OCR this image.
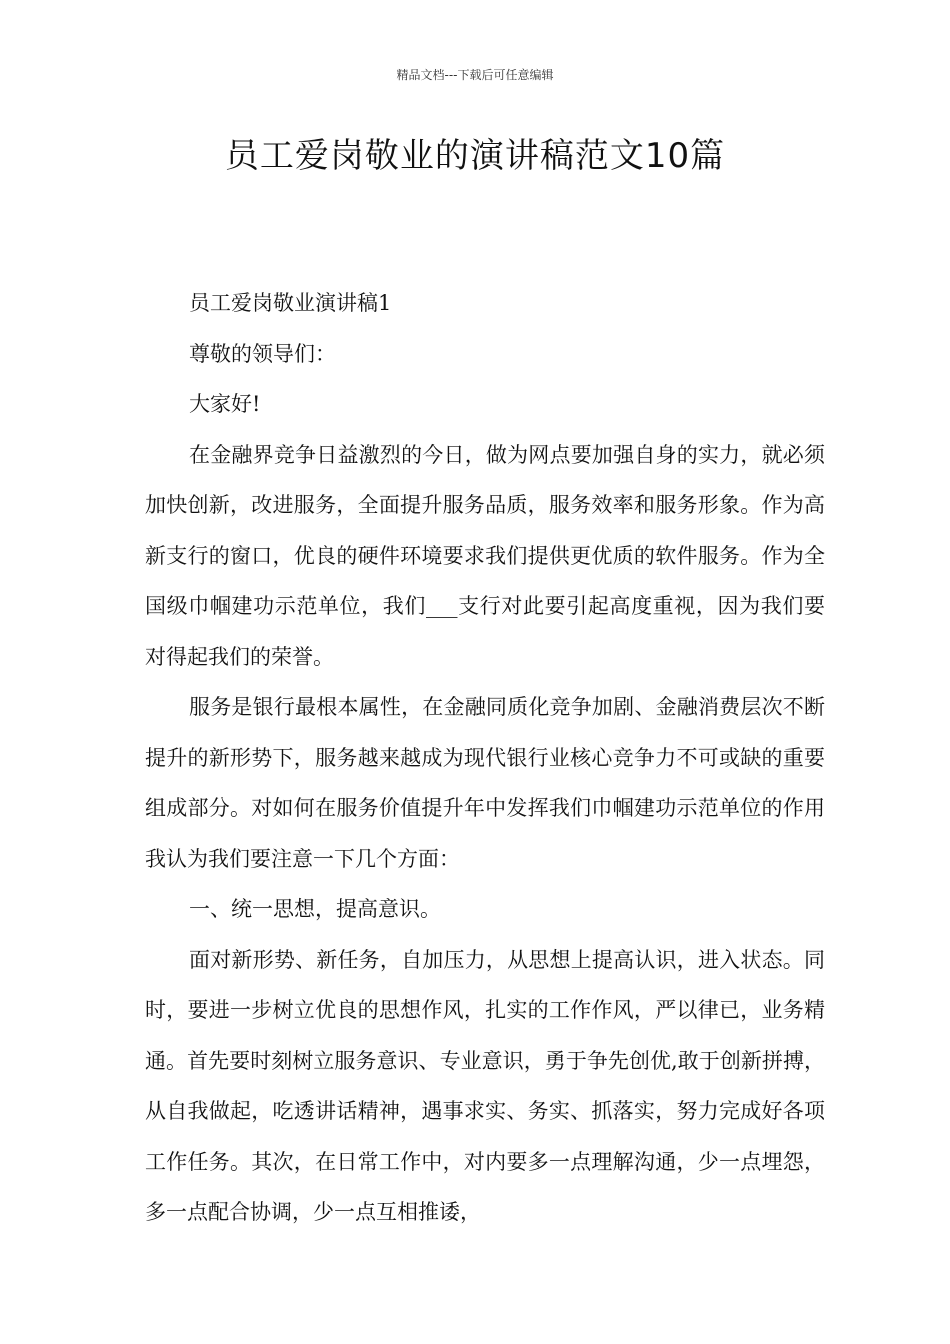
精品文档---下载后可任意编辑
员工爱岗敬业的演讲稿范文10篇

员工爱岗敬业演讲稿1

尊敬的领导们：

大家好!

在金融界竞争日益激烈的今日，做为网点要加强自身的实力，就必须加快创新，改进服务，全面提升服务品质，服务效率和服务形象。作为高新支行的窗口，优良的硬件环境要求我们提供更优质的软件服务。作为全国级巾帼建功示范单位，我们___支行对此要引起高度重视，因为我们要对得起我们的荣誉。

服务是银行最根本属性，在金融同质化竞争加剧、金融消费层次不断提升的新形势下，服务越来越成为现代银行业核心竞争力不可或缺的重要组成部分。对如何在服务价值提升年中发挥我们巾帼建功示范单位的作用我认为我们要注意一下几个方面：

一、统一思想，提高意识。

面对新形势、新任务，自加压力，从思想上提高认识，进入状态。同时，要进一步树立优良的思想作风，扎实的工作作风，严以律已，业务精通。首先要时刻树立服务意识、专业意识，勇于争先创优,敢于创新拼搏，从自我做起，吃透讲话精神，遇事求实、务实、抓落实，努力完成好各项工作任务。其次，在日常工作中，对内要多一点理解沟通，少一点埋怨，多一点配合协调，少一点互相推诿，
